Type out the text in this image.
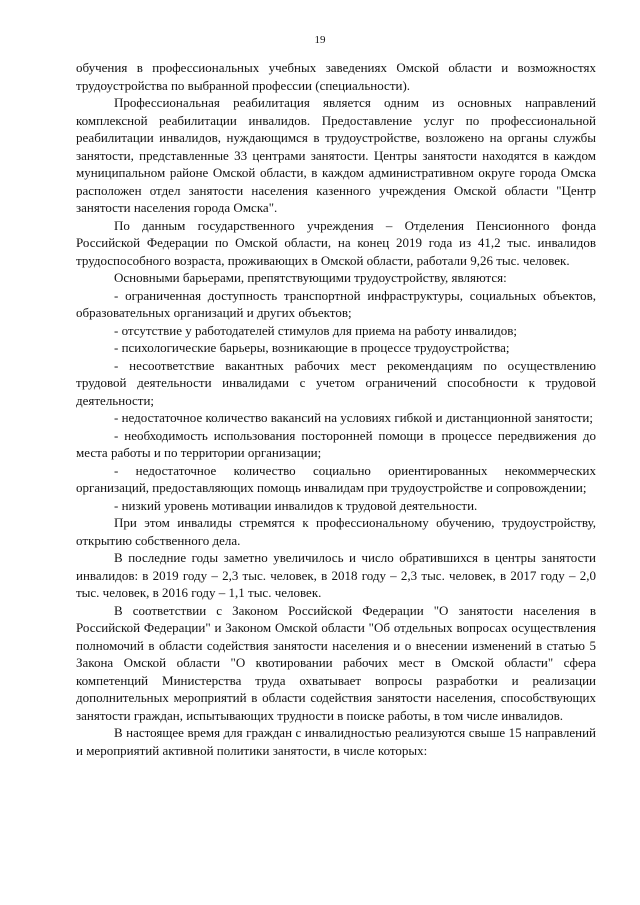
19

обучения в профессиональных учебных заведениях Омской области и возможностях трудоустройства по выбранной профессии (специальности).

Профессиональная реабилитация является одним из основных направлений комплексной реабилитации инвалидов. Предоставление услуг по профессиональной реабилитации инвалидов, нуждающимся в трудоустройстве, возложено на органы службы занятости, представленные 33 центрами занятости. Центры занятости находятся в каждом муниципальном районе Омской области, в каждом административном округе города Омска расположен отдел занятости населения казенного учреждения Омской области "Центр занятости населения города Омска".

По данным государственного учреждения – Отделения Пенсионного фонда Российской Федерации по Омской области, на конец 2019 года из 41,2 тыс. инвалидов трудоспособного возраста, проживающих в Омской области, работали 9,26 тыс. человек.

Основными барьерами, препятствующими трудоустройству, являются:

- ограниченная доступность транспортной инфраструктуры, социальных объектов, образовательных организаций и других объектов;

- отсутствие у работодателей стимулов для приема на работу инвалидов;

- психологические барьеры, возникающие в процессе трудоустройства;

- несоответствие вакантных рабочих мест рекомендациям по осуществлению трудовой деятельности инвалидами с учетом ограничений способности к трудовой деятельности;

- недостаточное количество вакансий на условиях гибкой и дистанционной занятости;

- необходимость использования посторонней помощи в процессе передвижения до места работы и по территории организации;

- недостаточное количество социально ориентированных некоммерческих организаций, предоставляющих помощь инвалидам при трудоустройстве и сопровождении;

- низкий уровень мотивации инвалидов к трудовой деятельности.

При этом инвалиды стремятся к профессиональному обучению, трудоустройству, открытию собственного дела.

В последние годы заметно увеличилось и число обратившихся в центры занятости инвалидов: в 2019 году – 2,3 тыс. человек, в 2018 году – 2,3 тыс. человек, в 2017 году – 2,0 тыс. человек, в 2016 году – 1,1 тыс. человек.

В соответствии с Законом Российской Федерации "О занятости населения в Российской Федерации" и Законом Омской области "Об отдельных вопросах осуществления полномочий в области содействия занятости населения и о внесении изменений в статью 5 Закона Омской области "О квотировании рабочих мест в Омской области" сфера компетенций Министерства труда охватывает вопросы разработки и реализации дополнительных мероприятий в области содействия занятости населения, способствующих занятости граждан, испытывающих трудности в поиске работы, в том числе инвалидов.

В настоящее время для граждан с инвалидностью реализуются свыше 15 направлений и мероприятий активной политики занятости, в числе которых:
